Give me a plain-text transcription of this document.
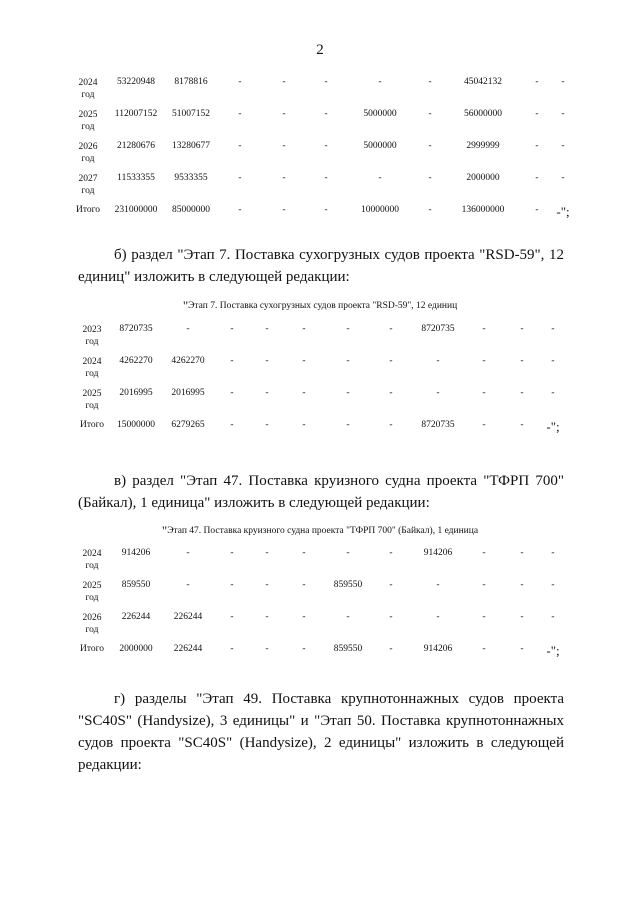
2
2024
год	53220948	8178816	-	-	-	-	-	45042132	-	-

2025
год	112007152	51007152	-	-	-	5000000	-	56000000	-	-

2026
год	21280676	13280677	-	-	-	5000000	-	2999999	-	-

2027
год	11533355	9533355	-	-	-	-	-	2000000	-	-
Итого	231000000	85000000	-	-	-	10000000	-	136000000	-	-";
б) раздел "Этап 7. Поставка сухогрузных судов проекта "RSD-59", 12 единиц" изложить в следующей редакции:
"Этап 7. Поставка сухогрузных судов проекта "RSD-59", 12 единиц
2023
год	8720735	-	-	-	-	-	-	8720735	-	-	-

2024
год	4262270	4262270	-	-	-	-	-	-	-	-	-

2025
год	2016995	2016995	-	-	-	-	-	-	-	-	-
Итого	15000000	6279265	-	-	-	-	-	8720735	-	-	-";
в) раздел "Этап 47. Поставка круизного судна проекта "ТФРП 700" (Байкал), 1 единица" изложить в следующей редакции:
"Этап 47. Поставка круизного судна проекта "ТФРП 700" (Байкал), 1 единица
2024
год	914206	-	-	-	-	-	-	914206	-	-	-

2025
год	859550	-	-	-	-	859550	-	-	-	-	-

2026
год	226244	226244	-	-	-	-	-	-	-	-	-
Итого	2000000	226244	-	-	-	859550	-	914206	-	-	-";
г) разделы "Этап 49. Поставка крупнотоннажных судов проекта "SC40S" (Handysize), 3 единицы" и "Этап 50. Поставка крупнотоннажных судов проекта "SC40S" (Handysize), 2 единицы" изложить в следующей редакции:
